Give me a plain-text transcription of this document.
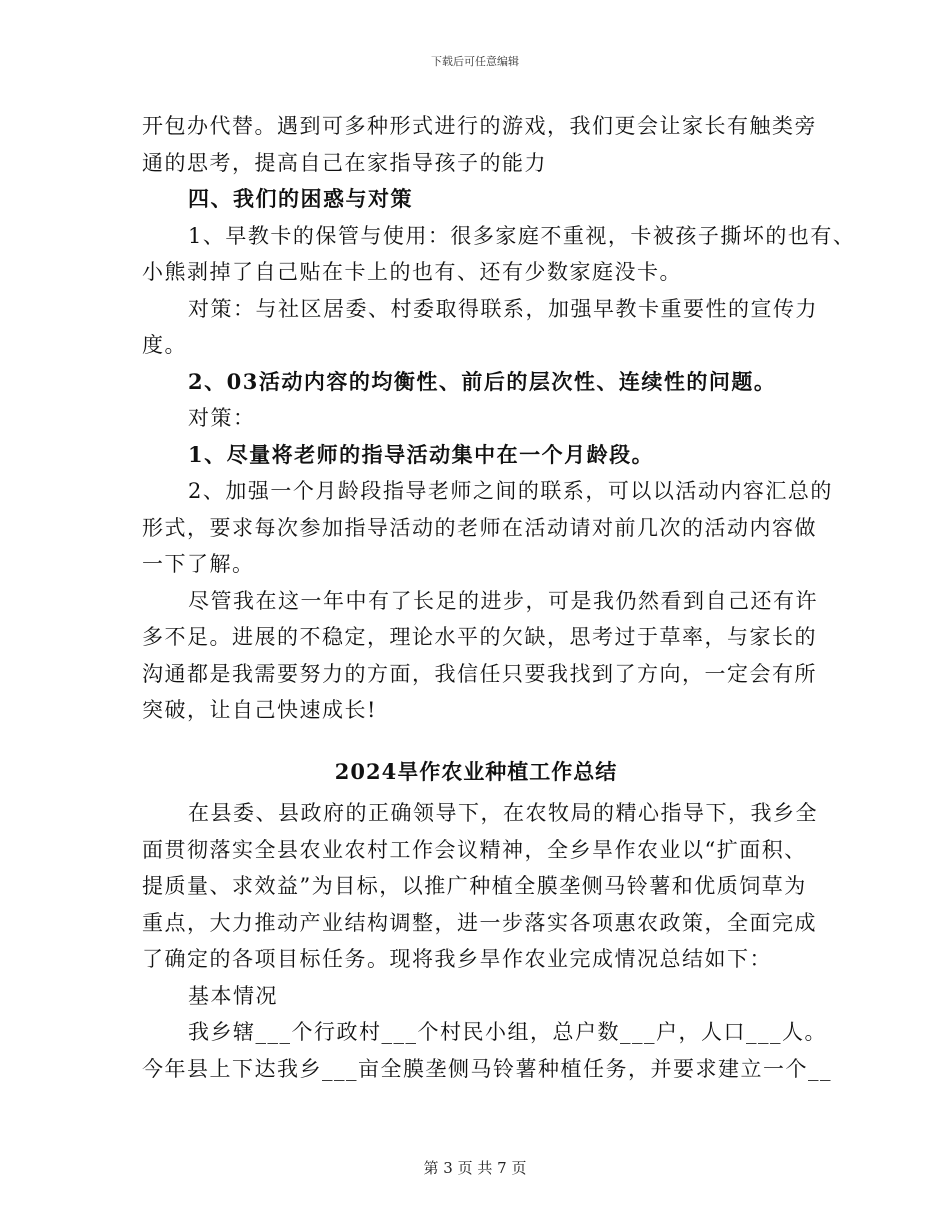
下载后可任意编辑
开包办代替。遇到可多种形式进行的游戏，我们更会让家长有触类旁
通的思考，提高自己在家指导孩子的能力
四、我们的困惑与对策
1、早教卡的保管与使用：很多家庭不重视，卡被孩子撕坏的也有、
小熊剥掉了自己贴在卡上的也有、还有少数家庭没卡。
对策：与社区居委、村委取得联系，加强早教卡重要性的宣传力
度。
2、03活动内容的均衡性、前后的层次性、连续性的问题。
对策：
1、尽量将老师的指导活动集中在一个月龄段。
2、加强一个月龄段指导老师之间的联系，可以以活动内容汇总的
形式，要求每次参加指导活动的老师在活动请对前几次的活动内容做
一下了解。
尽管我在这一年中有了长足的进步，可是我仍然看到自己还有许
多不足。进展的不稳定，理论水平的欠缺，思考过于草率，与家长的
沟通都是我需要努力的方面，我信任只要我找到了方向，一定会有所
突破，让自己快速成长!
2024旱作农业种植工作总结
在县委、县政府的正确领导下，在农牧局的精心指导下，我乡全
面贯彻落实全县农业农村工作会议精神，全乡旱作农业以“扩面积、
提质量、求效益”为目标，以推广种植全膜垄侧马铃薯和优质饲草为
重点，大力推动产业结构调整，进一步落实各项惠农政策，全面完成
了确定的各项目标任务。现将我乡旱作农业完成情况总结如下：
基本情况
我乡辖___个行政村___个村民小组，总户数___户，人口___人。
今年县上下达我乡___亩全膜垄侧马铃薯种植任务，并要求建立一个__
第 3 页 共 7 页
